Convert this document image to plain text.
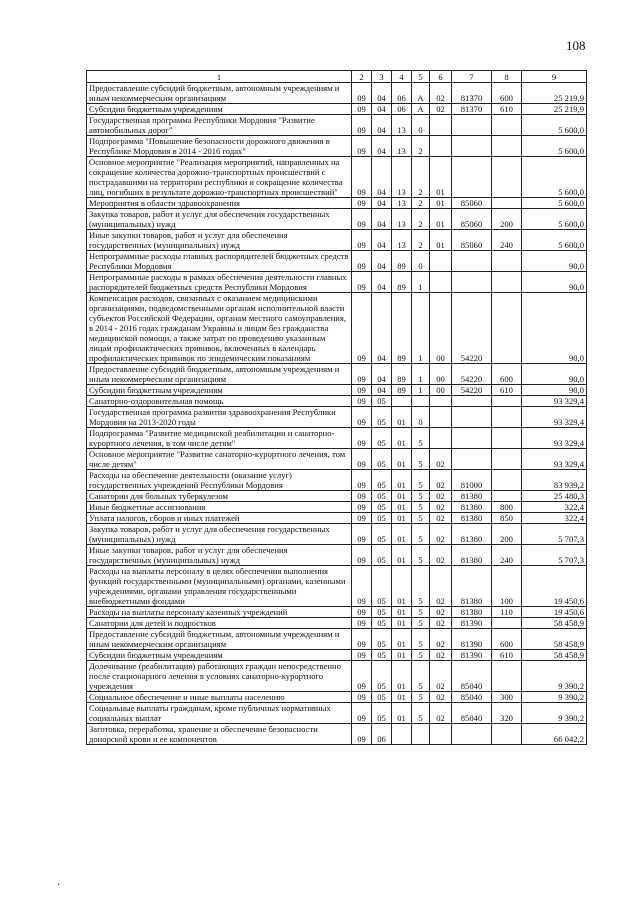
108
1	2	3	4	5	6	7	8	9
Предоставление субсидий бюджетным, автономным учреждениям и иным некоммерческим организациям	09	04	06	А	02	81370	600	25 219,9
Субсидии бюджетным учреждениям	09	04	06	А	02	81370	610	25 219,9
Государственная программа Республики Мордовия "Развитие автомобильных дорог"	09	04	13	0				5 600,0
Подпрограмма "Повышение безопасности дорожного движения в Республике Мордовия в 2014 - 2016 годах"	09	04	13	2				5 600,0
Основное мероприятие "Реализация мероприятий, направленных на сокращение количества дорожно-транспортных происшествий с пострадавшими на территории республики и сокращение количества лиц, погибших в результате дорожно-транспортных происшествий"	09	04	13	2	01			5 600,0
Мероприятия в области здравоохранения	09	04	13	2	01	85060		5 600,0
Закупка товаров, работ и услуг для обеспечения государственных (муниципальных) нужд	09	04	13	2	01	85060	200	5 600,0
Иные закупки товаров, работ и услуг для обеспечения государственных (муниципальных) нужд	09	04	13	2	01	85060	240	5 600,0
Непрограммные расходы главных распорядителей бюджетных средств Республики Мордовия	09	04	89	0				90,0
Непрограммные расходы в рамках обеспечения деятельности главных распорядителей бюджетных средств Республики Мордовия	09	04	89	1				90,0
Компенсация расходов, связанных с оказанием медицинскими организациями, подведомственными органам исполнительной власти субъектов Российской Федерации, органам местного самоуправления, в 2014 - 2016 годах гражданам Украины и лицам без гражданства медицинской помощи, а также затрат по проведению указанным лицам профилактических прививок, включенных в календарь профилактических прививок по эпидемическим показаниям	09	04	89	1	00	54220		90,0
Предоставление субсидий бюджетным, автономным учреждениям и иным некоммерческим организациям	09	04	89	1	00	54220	600	90,0
Субсидии бюджетным учреждениям	09	04	89	1	00	54220	610	90,0
Санаторно-оздоровительная помощь	09	05						93 329,4
Государственная программа развития здравоохранения Республики Мордовия на 2013-2020 годы	09	05	01	0				93 329,4
Подпрограмма "Развитие медицинской реабилитации и санаторно-курортного лечения, в том числе детям"	09	05	01	5				93 329,4
Основное мероприятие "Развитие санаторно-курортного лечения, том числе детям"	09	05	01	5	02			93 329,4
Расходы на обеспечение деятельности (оказание услуг) государственных учреждений Республики Мордовия	09	05	01	5	02	81000		83 939,2
Санатории для больных туберкулезом	09	05	01	5	02	81380		25 480,3
Иные бюджетные ассигнования	09	05	01	5	02	81380	800	322,4
Уплата налогов, сборов и иных платежей	09	05	01	5	02	81380	850	322,4
Закупка товаров, работ и услуг для обеспечения государственных (муниципальных) нужд	09	05	01	5	02	81380	200	5 707,3
Иные закупки товаров, работ и услуг для обеспечения государственных (муниципальных) нужд	09	05	01	5	02	81380	240	5 707,3
Расходы на выплаты персоналу в целях обеспечения выполнения функций государственными (муниципальными) органами, казенными учреждениями, органами управления государственными внебюджетными фондами	09	05	01	5	02	81380	100	19 450,6
Расходы на выплаты персоналу казенных учреждений	09	05	01	5	02	81380	110	19 450,6
Санатории для детей и подростков	09	05	01	5	02	81390		58 458,9
Предоставление субсидий бюджетным, автономным учреждениям и иным некоммерческим организациям	09	05	01	5	02	81390	600	58 458,9
Субсидии бюджетным учреждениям	09	05	01	5	02	81390	610	58 458,9
Долечивание (реабилитация) работающих граждан непосредственно после стационарного лечения в условиях санаторно-курортного учреждения	09	05	01	5	02	85040		9 390,2
Социальное обеспечение и иные выплаты населению	09	05	01	5	02	85040	300	9 390,2
Социальные выплаты гражданам, кроме публичных нормативных социальных выплат	09	05	01	5	02	85040	320	9 390,2
Заготовка, переработка, хранение и обеспечение безопасности донорской крови и ее компонентов	09	06						66 042,2
·
